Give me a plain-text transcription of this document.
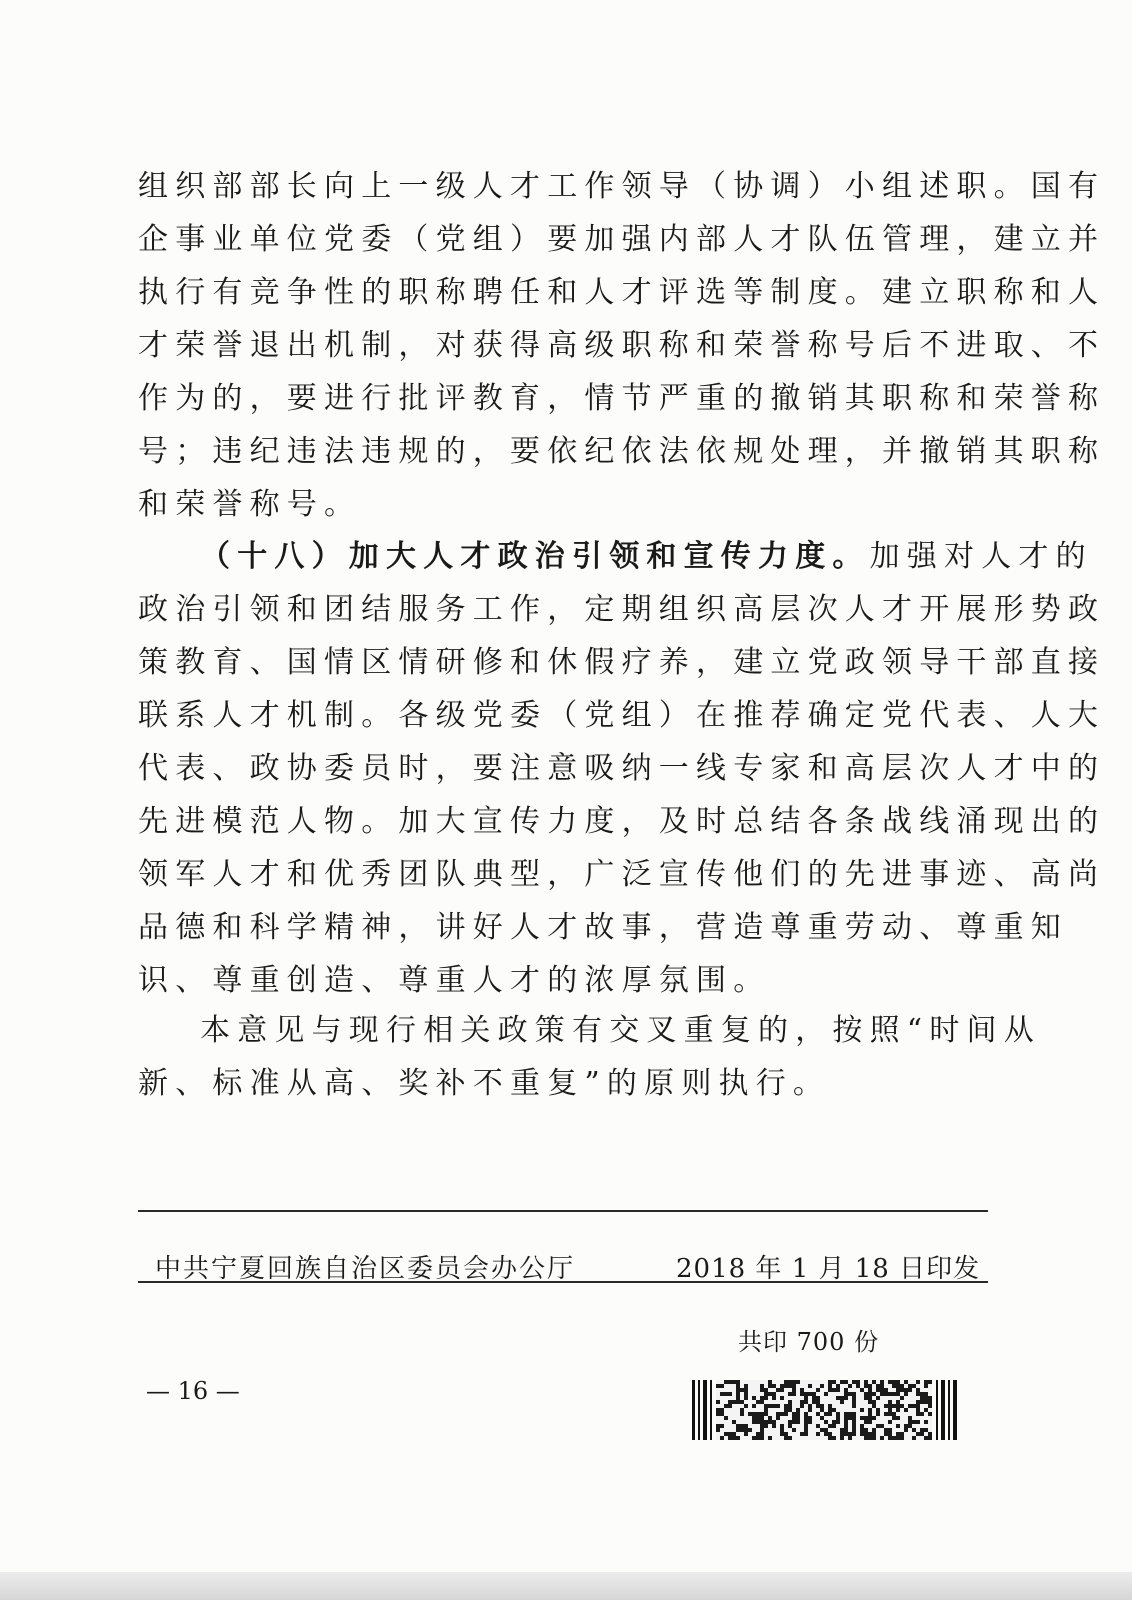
组织部部长向上一级人才工作领导（协调）小组述职。国有
企事业单位党委（党组）要加强内部人才队伍管理，建立并
执行有竞争性的职称聘任和人才评选等制度。建立职称和人
才荣誉退出机制，对获得高级职称和荣誉称号后不进取、不
作为的，要进行批评教育，情节严重的撤销其职称和荣誉称
号；违纪违法违规的，要依纪依法依规处理，并撤销其职称
和荣誉称号。
（十八）加大人才政治引领和宣传力度。加强对人才的
政治引领和团结服务工作，定期组织高层次人才开展形势政
策教育、国情区情研修和休假疗养，建立党政领导干部直接
联系人才机制。各级党委（党组）在推荐确定党代表、人大
代表、政协委员时，要注意吸纳一线专家和高层次人才中的
先进模范人物。加大宣传力度，及时总结各条战线涌现出的
领军人才和优秀团队典型，广泛宣传他们的先进事迹、高尚
品德和科学精神，讲好人才故事，营造尊重劳动、尊重知
识、尊重创造、尊重人才的浓厚氛围。
本意见与现行相关政策有交叉重复的，按照“时间从
新、标准从高、奖补不重复”的原则执行。
中共宁夏回族自治区委员会办公厅	2018 年 1 月 18 日印发
共印 700 份
— 16 —
